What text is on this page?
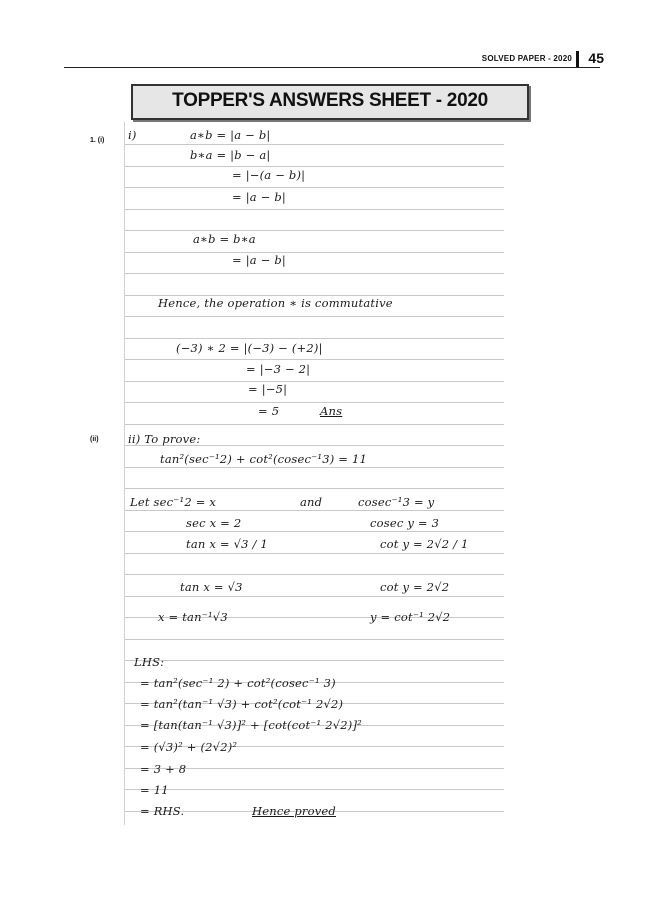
SOLVED PAPER - 2020 45
TOPPER'S ANSWERS SHEET - 2020
1. (i)
(ii)
i)	a∗b = |a − b|
b∗a = |b − a|
= |−(a − b)|
= |a − b|
a∗b = b∗a
= |a − b|
Hence, the operation ∗ is commutative
(−3) ∗ 2 = |(−3) − (+2)|
= |−3 − 2|
= |−5|
= 5	Ans
ii) To prove:
tan²(sec⁻¹2) + cot²(cosec⁻¹3) = 11
Let sec⁻¹2 = x	and	cosec⁻¹3 = y
sec x = 2	cosec y = 3
tan x = √3 / 1	cot y = 2√2 / 1
tan x = √3	cot y = 2√2
x = tan⁻¹√3	y = cot⁻¹ 2√2
LHS:
= tan²(sec⁻¹ 2) + cot²(cosec⁻¹ 3)
= tan²(tan⁻¹ √3) + cot²(cot⁻¹ 2√2)
= [tan(tan⁻¹ √3)]² + [cot(cot⁻¹ 2√2)]²
= (√3)² + (2√2)²
= 3 + 8
= 11
= RHS.	Hence proved
